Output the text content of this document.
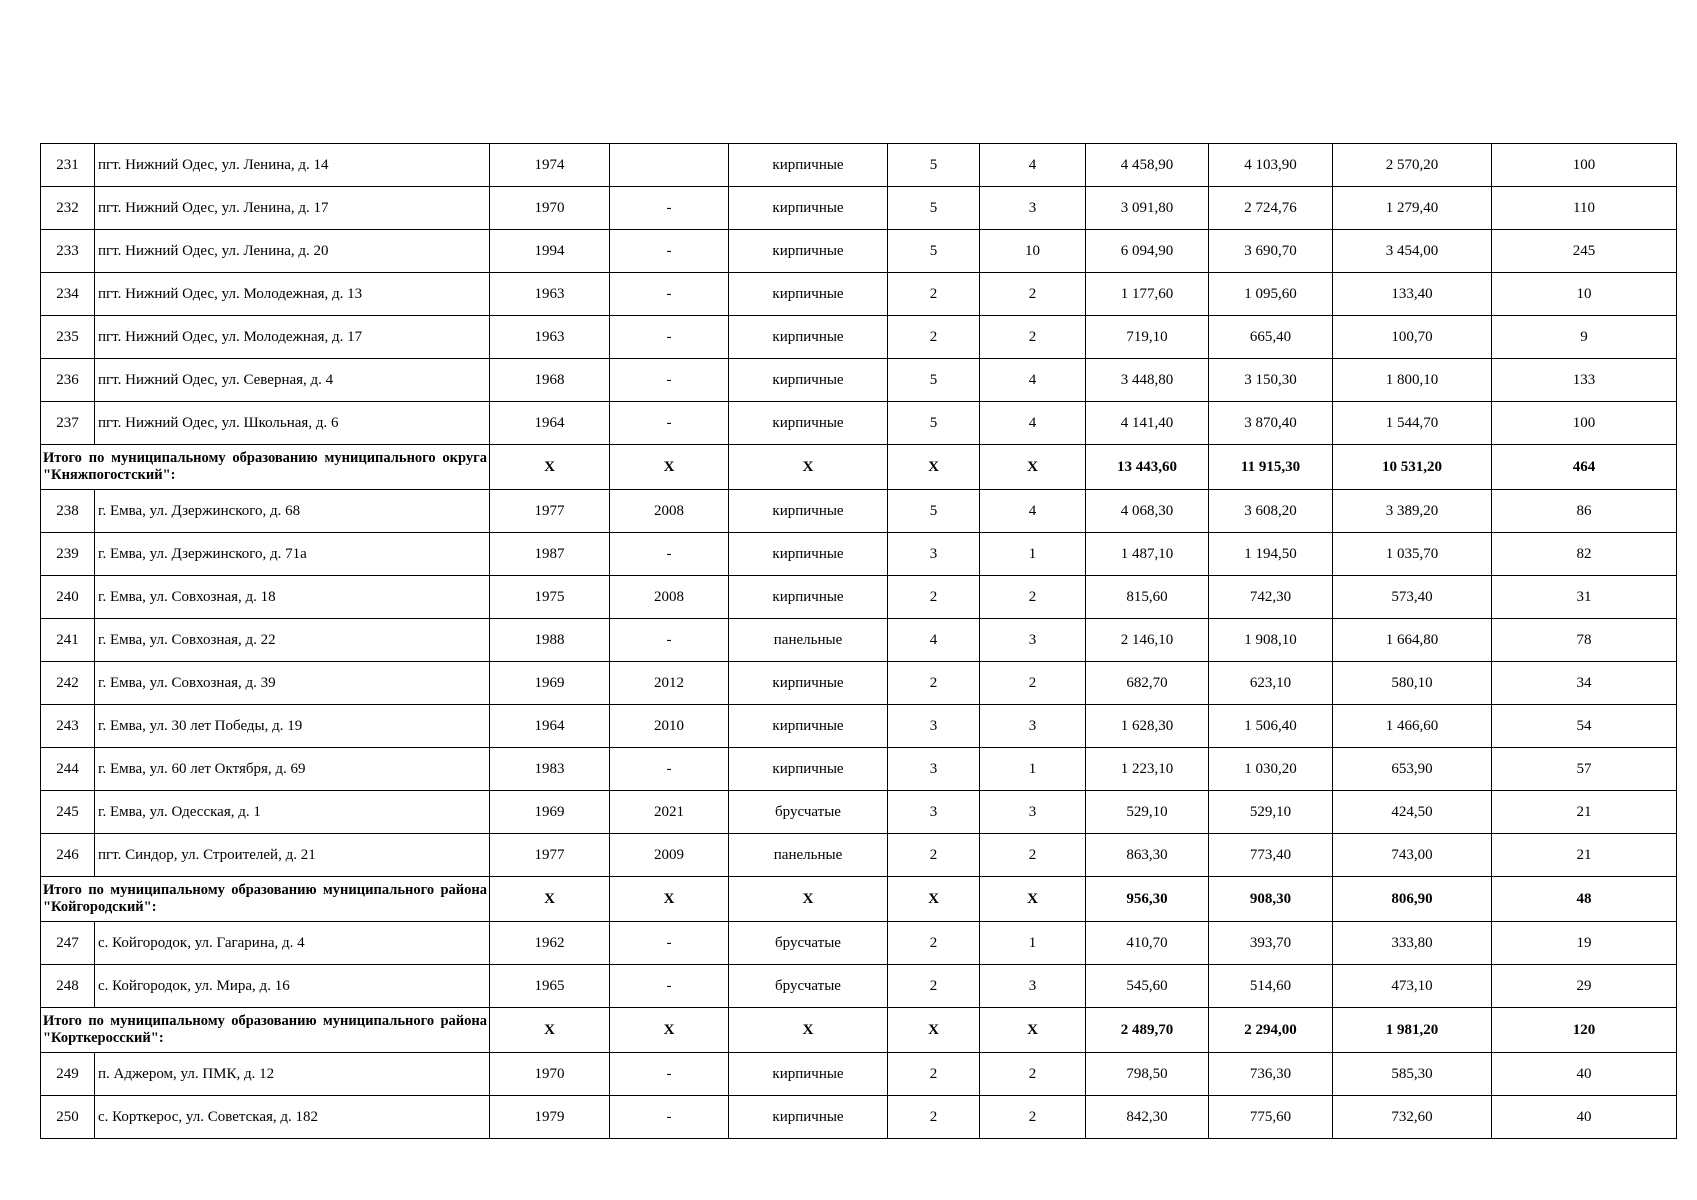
231	пгт. Нижний Одес, ул. Ленина, д. 14	1974		кирпичные	5	4	4 458,90	4 103,90	2 570,20	100
232	пгт. Нижний Одес, ул. Ленина, д. 17	1970	-	кирпичные	5	3	3 091,80	2 724,76	1 279,40	110
233	пгт. Нижний Одес, ул. Ленина, д. 20	1994	-	кирпичные	5	10	6 094,90	3 690,70	3 454,00	245
234	пгт. Нижний Одес, ул. Молодежная, д. 13	1963	-	кирпичные	2	2	1 177,60	1 095,60	133,40	10
235	пгт. Нижний Одес, ул. Молодежная, д. 17	1963	-	кирпичные	2	2	719,10	665,40	100,70	9
236	пгт. Нижний Одес, ул. Северная, д. 4	1968	-	кирпичные	5	4	3 448,80	3 150,30	1 800,10	133
237	пгт. Нижний Одес, ул. Школьная, д. 6	1964	-	кирпичные	5	4	4 141,40	3 870,40	1 544,70	100
Итого по муниципальному образованию муниципального округа "Княжпогостский":		X	X	X	X	X	13 443,60	11 915,30	10 531,20	464
238	г. Емва, ул. Дзержинского, д. 68	1977	2008	кирпичные	5	4	4 068,30	3 608,20	3 389,20	86
239	г. Емва, ул. Дзержинского, д. 71а	1987	-	кирпичные	3	1	1 487,10	1 194,50	1 035,70	82
240	г. Емва, ул. Совхозная, д. 18	1975	2008	кирпичные	2	2	815,60	742,30	573,40	31
241	г. Емва, ул. Совхозная, д. 22	1988	-	панельные	4	3	2 146,10	1 908,10	1 664,80	78
242	г. Емва, ул. Совхозная, д. 39	1969	2012	кирпичные	2	2	682,70	623,10	580,10	34
243	г. Емва, ул. 30 лет Победы, д. 19	1964	2010	кирпичные	3	3	1 628,30	1 506,40	1 466,60	54
244	г. Емва, ул. 60 лет Октября, д. 69	1983	-	кирпичные	3	1	1 223,10	1 030,20	653,90	57
245	г. Емва, ул. Одесская, д. 1	1969	2021	брусчатые	3	3	529,10	529,10	424,50	21
246	пгт. Синдор, ул. Строителей, д. 21	1977	2009	панельные	2	2	863,30	773,40	743,00	21
Итого по муниципальному образованию муниципального района "Койгородский":		X	X	X	X	X	956,30	908,30	806,90	48
247	с. Койгородок, ул. Гагарина, д. 4	1962	-	брусчатые	2	1	410,70	393,70	333,80	19
248	с. Койгородок, ул. Мира, д. 16	1965	-	брусчатые	2	3	545,60	514,60	473,10	29
Итого по муниципальному образованию муниципального района "Корткеросский":		X	X	X	X	X	2 489,70	2 294,00	1 981,20	120
249	п. Аджером, ул. ПМК, д. 12	1970	-	кирпичные	2	2	798,50	736,30	585,30	40
250	с. Корткерос, ул. Советская, д. 182	1979	-	кирпичные	2	2	842,30	775,60	732,60	40
